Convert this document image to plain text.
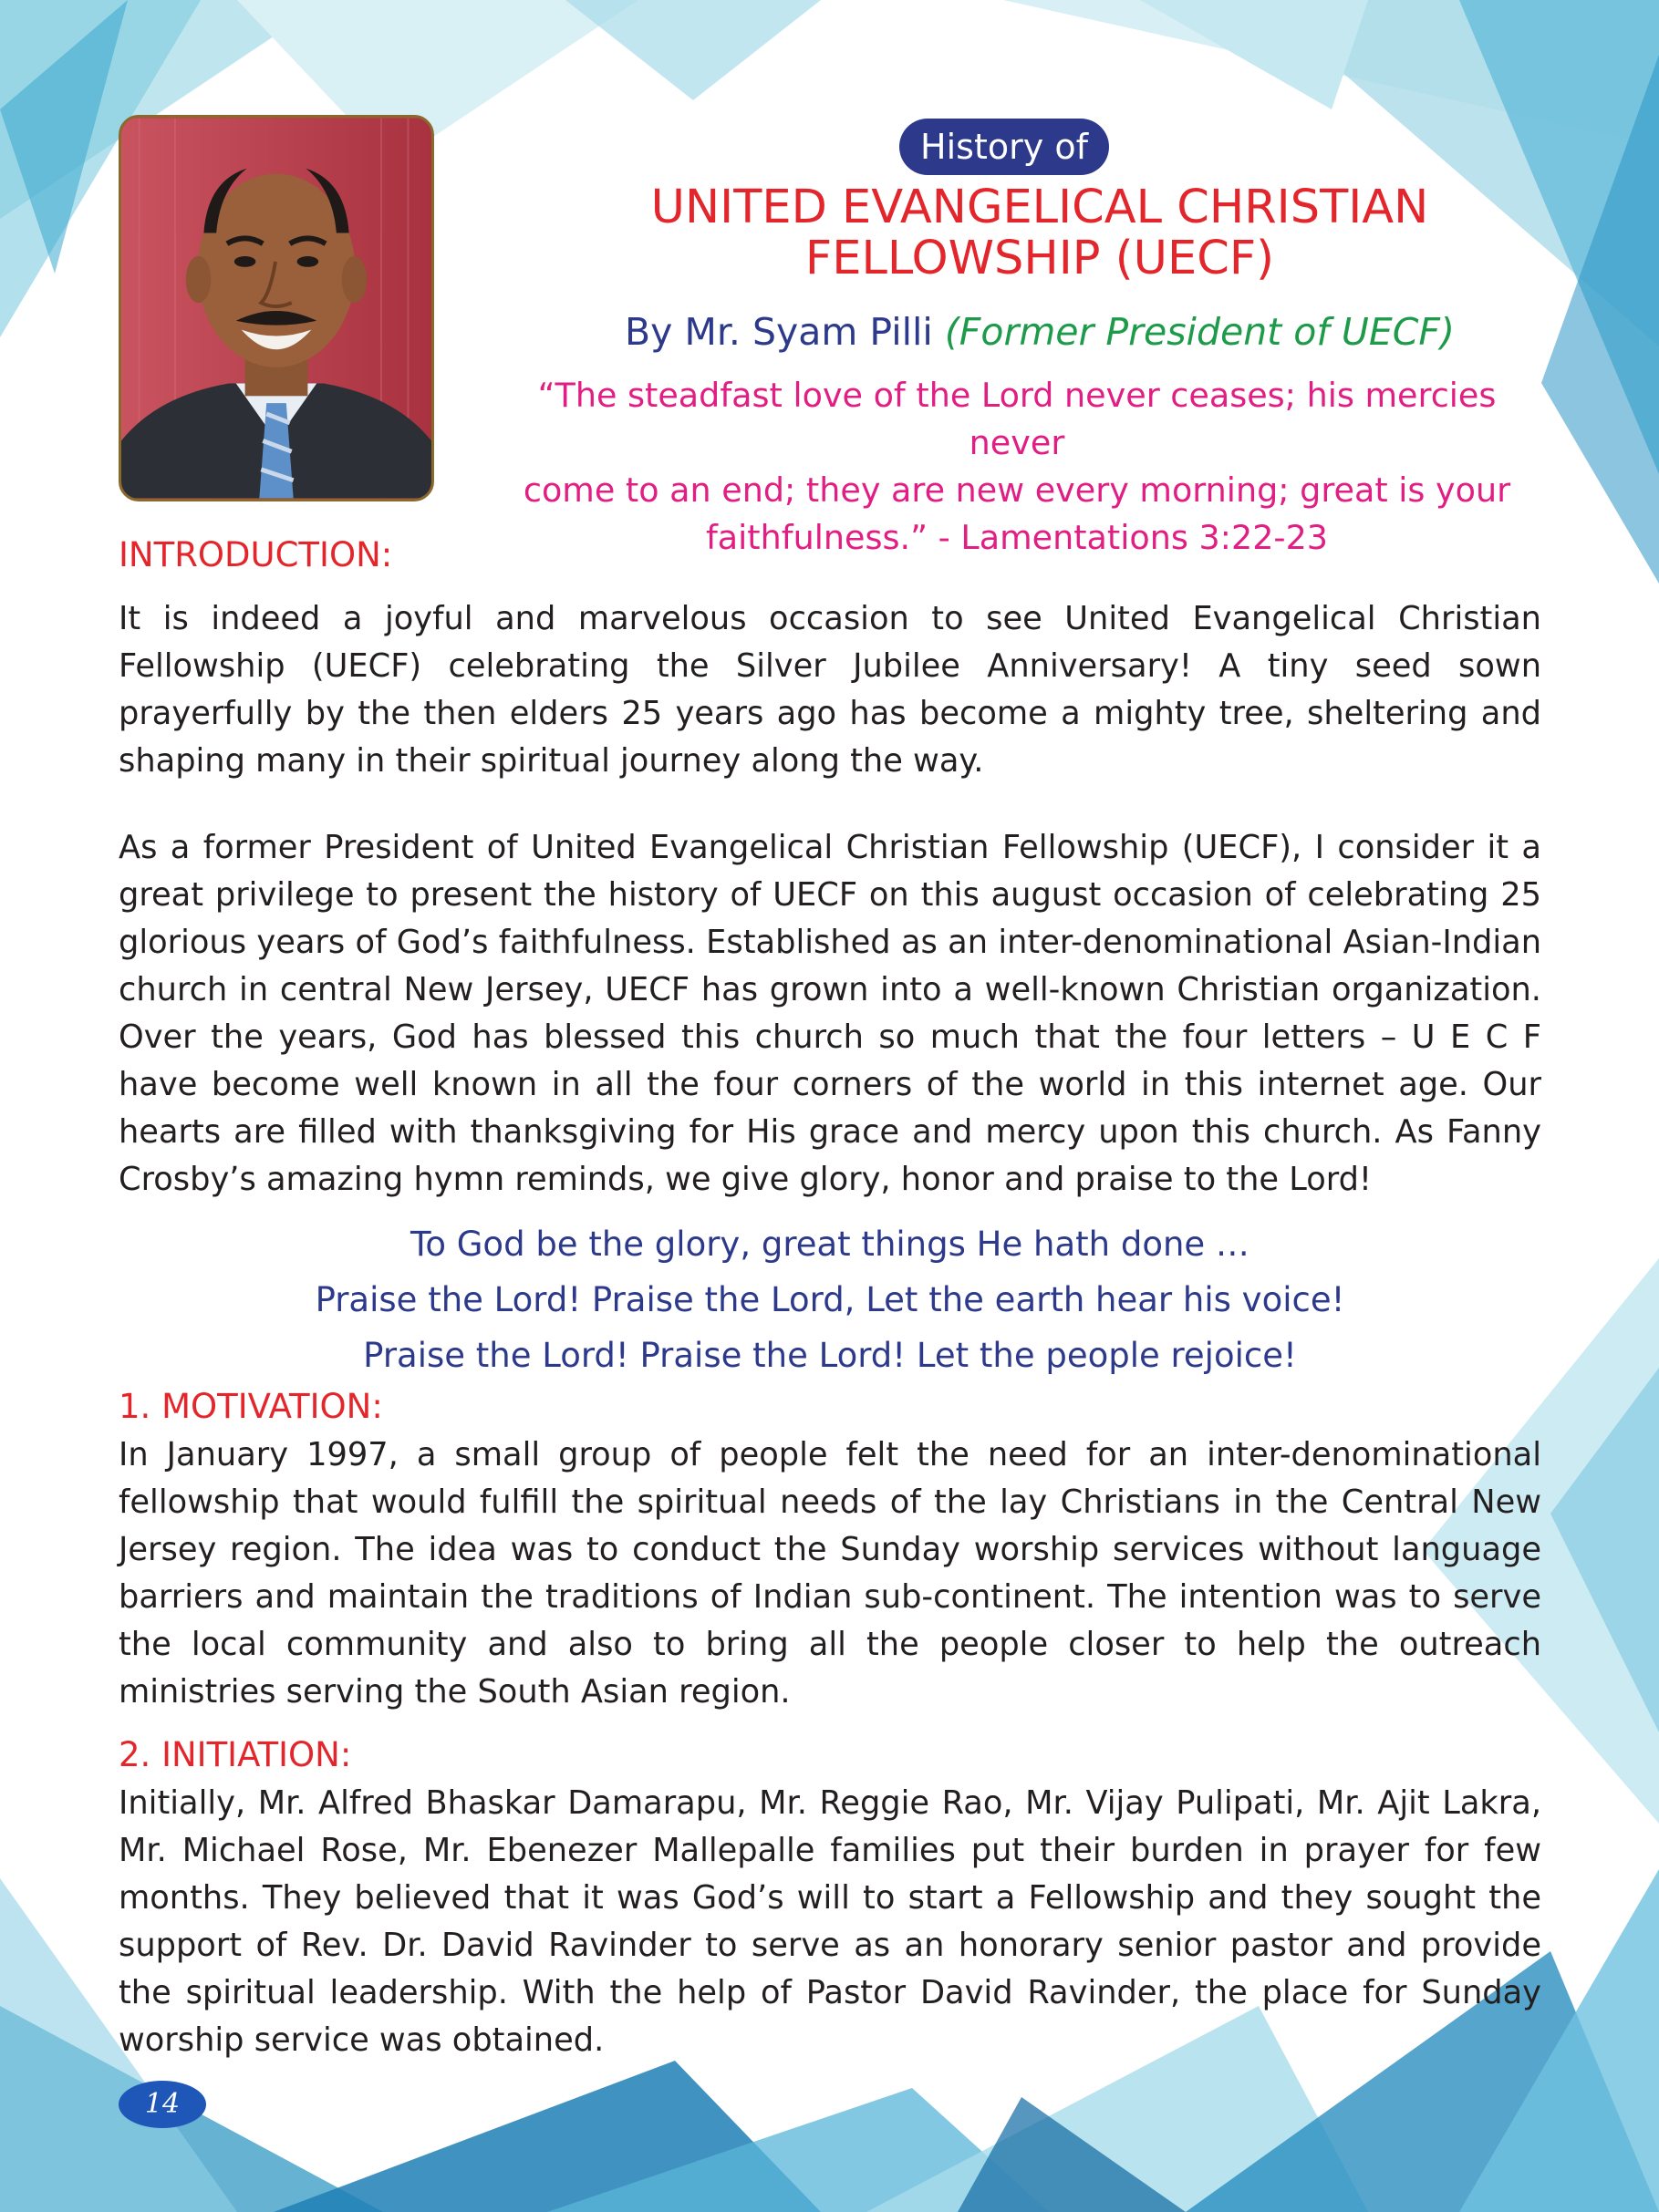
History of
UNITED EVANGELICAL CHRISTIAN
FELLOWSHIP (UECF)
By Mr. Syam Pilli (Former President of UECF)
“The steadfast love of the Lord never ceases; his mercies never
come to an end; they are new every morning; great is your
faithfulness.” - Lamentations 3:22-23
INTRODUCTION:

It is indeed a joyful and marvelous occasion to see United Evangelical Christian Fellowship (UECF) celebrating the Silver Jubilee Anniversary! A tiny seed sown prayerfully by the then elders 25 years ago has become a mighty tree, sheltering and shaping many in their spiritual journey along the way.

As a former President of United Evangelical Christian Fellowship (UECF), I consider it a great privilege to present the history of UECF on this august occasion of celebrating 25 glorious years of God’s faithfulness. Established as an inter-denominational Asian-Indian church in central New Jersey, UECF has grown into a well-known Christian organization. Over the years, God has blessed this church so much that the four letters – U E C F have become well known in all the four corners of the world in this internet age. Our hearts are filled with thanksgiving for His grace and mercy upon this church. As Fanny Crosby’s amazing hymn reminds, we give glory, honor and praise to the Lord!

To God be the glory, great things He hath done …
Praise the Lord! Praise the Lord, Let the earth hear his voice!
Praise the Lord! Praise the Lord! Let the people rejoice!
1. MOTIVATION:

In January 1997, a small group of people felt the need for an inter-denominational fellowship that would fulfill the spiritual needs of the lay Christians in the Central New Jersey region. The idea was to conduct the Sunday worship services without language barriers and maintain the traditions of Indian sub-continent. The intention was to serve the local community and also to bring all the people closer to help the outreach ministries serving the South Asian region.

2. INITIATION:

Initially, Mr. Alfred Bhaskar Damarapu, Mr. Reggie Rao, Mr. Vijay Pulipati, Mr. Ajit Lakra, Mr. Michael Rose, Mr. Ebenezer Mallepalle families put their burden in prayer for few months. They believed that it was God’s will to start a Fellowship and they sought the support of Rev. Dr. David Ravinder to serve as an honorary senior pastor and provide the spiritual leadership. With the help of Pastor David Ravinder, the place for Sunday worship service was obtained.

14
